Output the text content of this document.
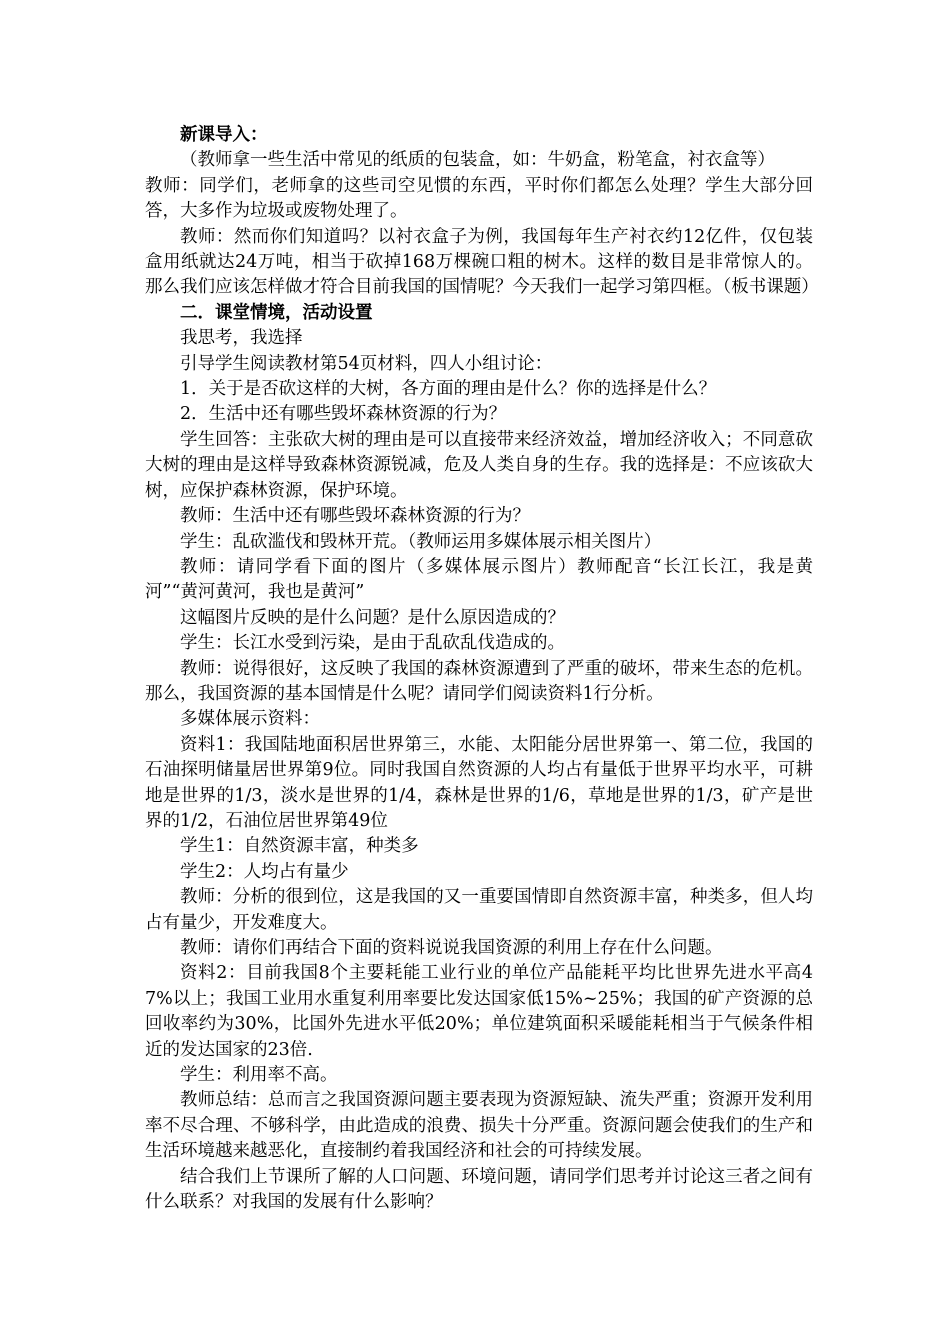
新课导入：

（教师拿一些生活中常见的纸质的包装盒，如：牛奶盒，粉笔盒，衬衣盒等）

教师：同学们，老师拿的这些司空见惯的东西，平时你们都怎么处理？学生大部分回答，大多作为垃圾或废物处理了。

教师：然而你们知道吗？以衬衣盒子为例，我国每年生产衬衣约12亿件，仅包装盒用纸就达24万吨，相当于砍掉168万棵碗口粗的树木。这样的数目是非常惊人的。那么我们应该怎样做才符合目前我国的国情呢？今天我们一起学习第四框。（板书课题）

二．课堂情境，活动设置

我思考，我选择

引导学生阅读教材第54页材料，四人小组讨论：

1．关于是否砍这样的大树，各方面的理由是什么？你的选择是什么？

2．生活中还有哪些毁坏森林资源的行为？

学生回答：主张砍大树的理由是可以直接带来经济效益，增加经济收入；不同意砍大树的理由是这样导致森林资源锐减，危及人类自身的生存。我的选择是：不应该砍大树，应保护森林资源，保护环境。

教师：生活中还有哪些毁坏森林资源的行为？

学生：乱砍滥伐和毁林开荒。（教师运用多媒体展示相关图片）

教师：请同学看下面的图片（多媒体展示图片）教师配音“长江长江，我是黄河”“黄河黄河，我也是黄河”

这幅图片反映的是什么问题？是什么原因造成的？

学生：长江水受到污染，是由于乱砍乱伐造成的。

教师：说得很好，这反映了我国的森林资源遭到了严重的破坏，带来生态的危机。那么，我国资源的基本国情是什么呢？请同学们阅读资料1行分析。

多媒体展示资料：

资料1：我国陆地面积居世界第三，水能、太阳能分居世界第一、第二位，我国的石油探明储量居世界第9位。同时我国自然资源的人均占有量低于世界平均水平，可耕地是世界的1/3，淡水是世界的1/4，森林是世界的1/6，草地是世界的1/3，矿产是世界的1/2，石油位居世界第49位

学生1：自然资源丰富，种类多

学生2：人均占有量少

教师：分析的很到位，这是我国的又一重要国情即自然资源丰富，种类多，但人均占有量少，开发难度大。

教师：请你们再结合下面的资料说说我国资源的利用上存在什么问题。

资料2：目前我国8个主要耗能工业行业的单位产品能耗平均比世界先进水平高47%以上；我国工业用水重复利用率要比发达国家低15%~25%；我国的矿产资源的总回收率约为30%，比国外先进水平低20%；单位建筑面积采暖能耗相当于气候条件相近的发达国家的23倍.

学生：利用率不高。

教师总结：总而言之我国资源问题主要表现为资源短缺、流失严重；资源开发利用率不尽合理、不够科学，由此造成的浪费、损失十分严重。资源问题会使我们的生产和生活环境越来越恶化，直接制约着我国经济和社会的可持续发展。

结合我们上节课所了解的人口问题、环境问题，请同学们思考并讨论这三者之间有什么联系？对我国的发展有什么影响？
